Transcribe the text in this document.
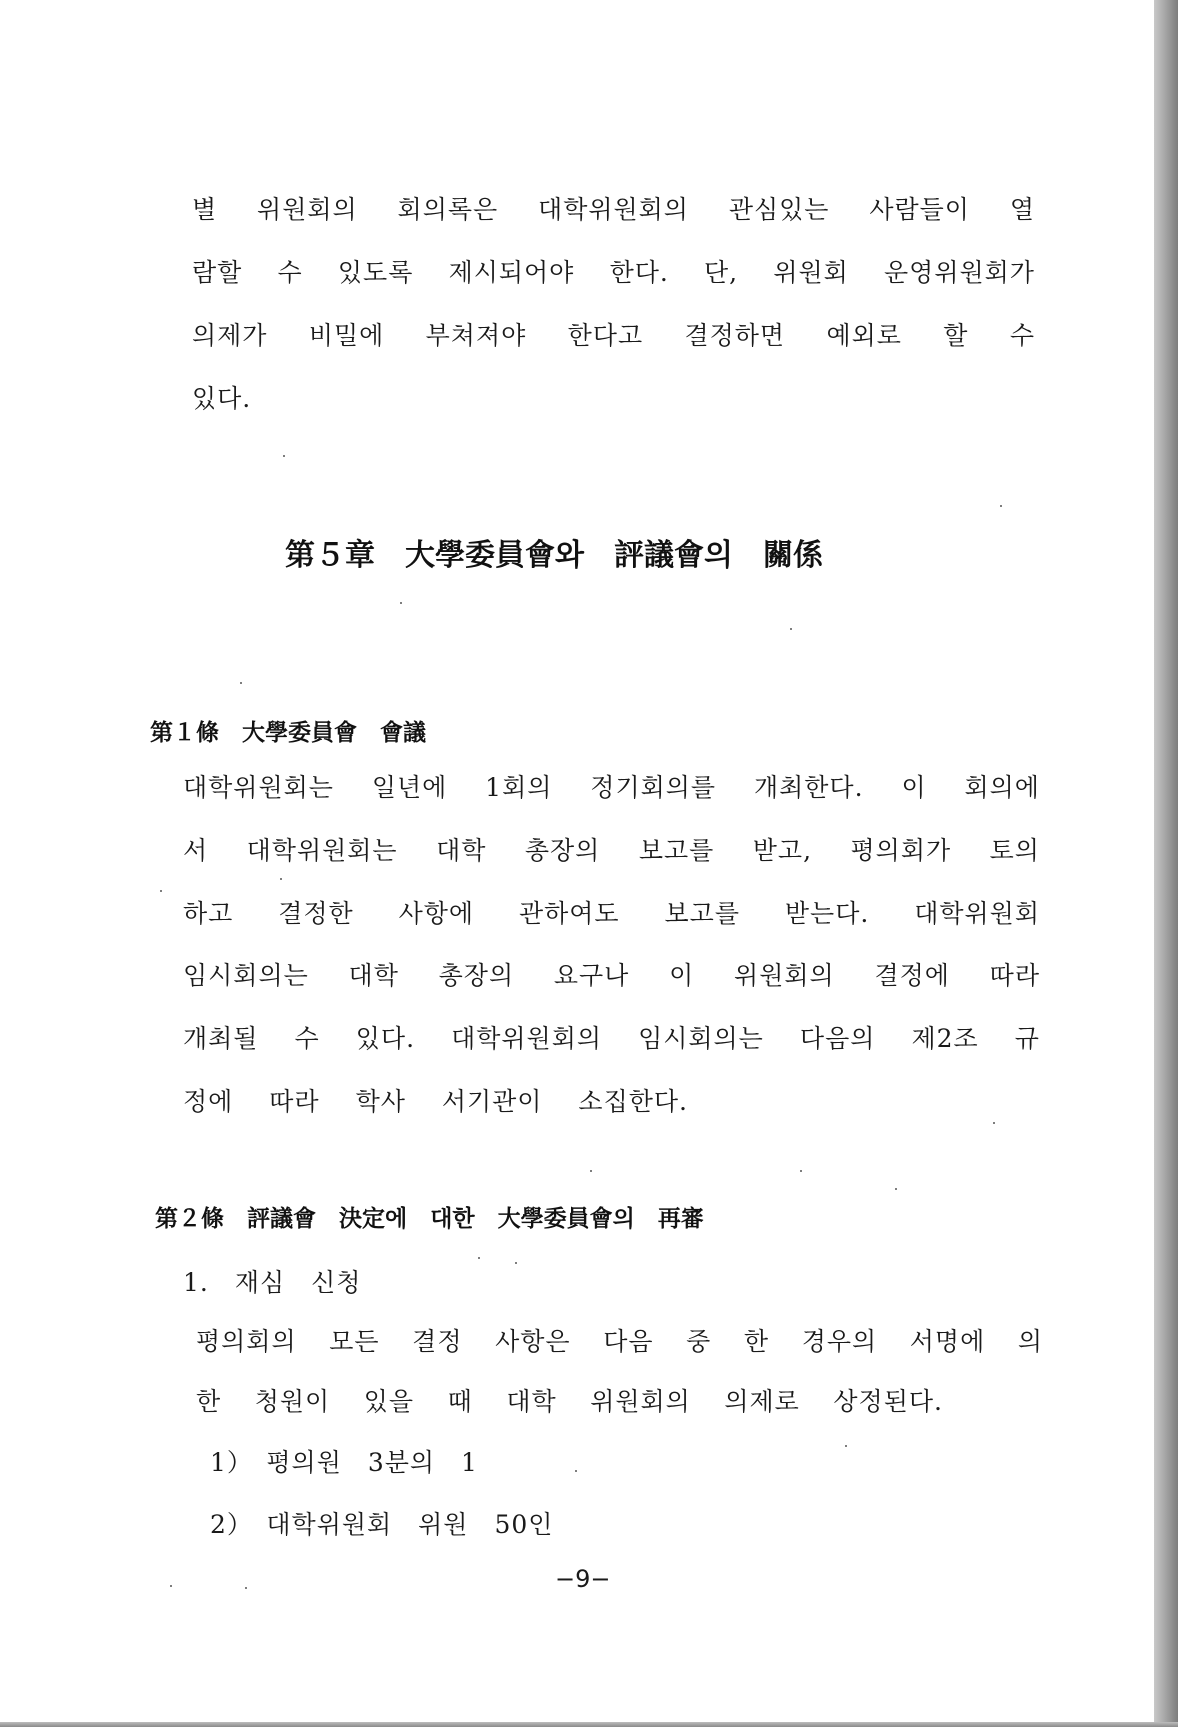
별 위원회의 회의록은 대학위원회의 관심있는 사람들이 열
람할 수 있도록 제시되어야 한다. 단, 위원회 운영위원회가
의제가 비밀에 부쳐져야 한다고 결정하면 예외로 할 수
있다.
第５章　大學委員會와　評議會의　關係
第１條　大學委員會　會議
대학위원회는 일년에 1회의 정기회의를 개최한다. 이 회의에
서 대학위원회는 대학 총장의 보고를 받고, 평의회가 토의
하고 결정한 사항에 관하여도 보고를 받는다. 대학위원회
임시회의는 대학 총장의 요구나 이 위원회의 결정에 따라
개최될 수 있다. 대학위원회의 임시회의는 다음의 제2조 규
정에 따라 학사 서기관이 소집한다.
第２條　評議會　決定에　대한　大學委員會의　再審
1.　재심　신청
평의회의 모든 결정 사항은 다음 중 한 경우의 서명에 의
한 청원이 있을 때 대학 위원회의 의제로 상정된다.
1）　평의원　3분의　1
2）　대학위원회　위원　50인
−9−
